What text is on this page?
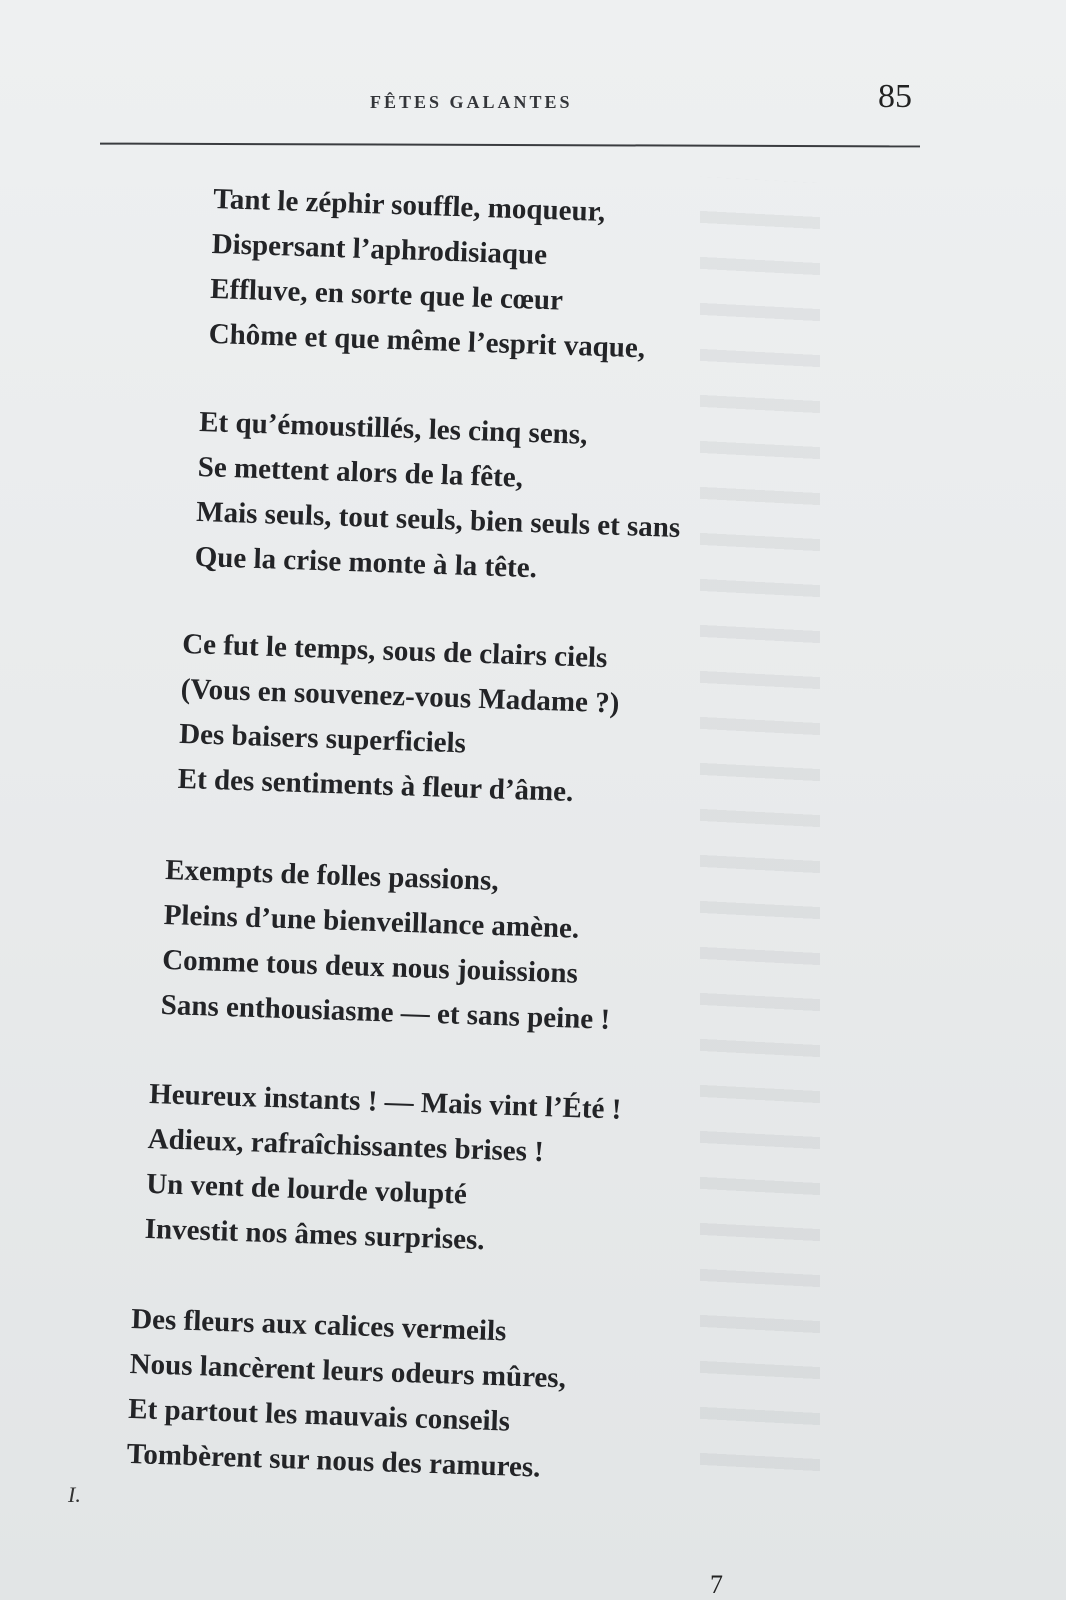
FÊTES GALANTES	85
Tant le zéphir souffle, moqueur,
Dispersant l’aphrodisiaque
Effluve, en sorte que le cœur
Chôme et que même l’esprit vaque,
Et qu’émoustillés, les cinq sens,
Se mettent alors de la fête,
Mais seuls, tout seuls, bien seuls et sans
Que la crise monte à la tête.
Ce fut le temps, sous de clairs ciels
(Vous en souvenez-vous Madame ?)
Des baisers superficiels
Et des sentiments à fleur d’âme.
Exempts de folles passions,
Pleins d’une bienveillance amène.
Comme tous deux nous jouissions
Sans enthousiasme — et sans peine !
Heureux instants ! — Mais vint l’Été !
Adieux, rafraîchissantes brises !
Un vent de lourde volupté
Investit nos âmes surprises.
Des fleurs aux calices vermeils
Nous lancèrent leurs odeurs mûres,
Et partout les mauvais conseils
Tombèrent sur nous des ramures.
I.
7
